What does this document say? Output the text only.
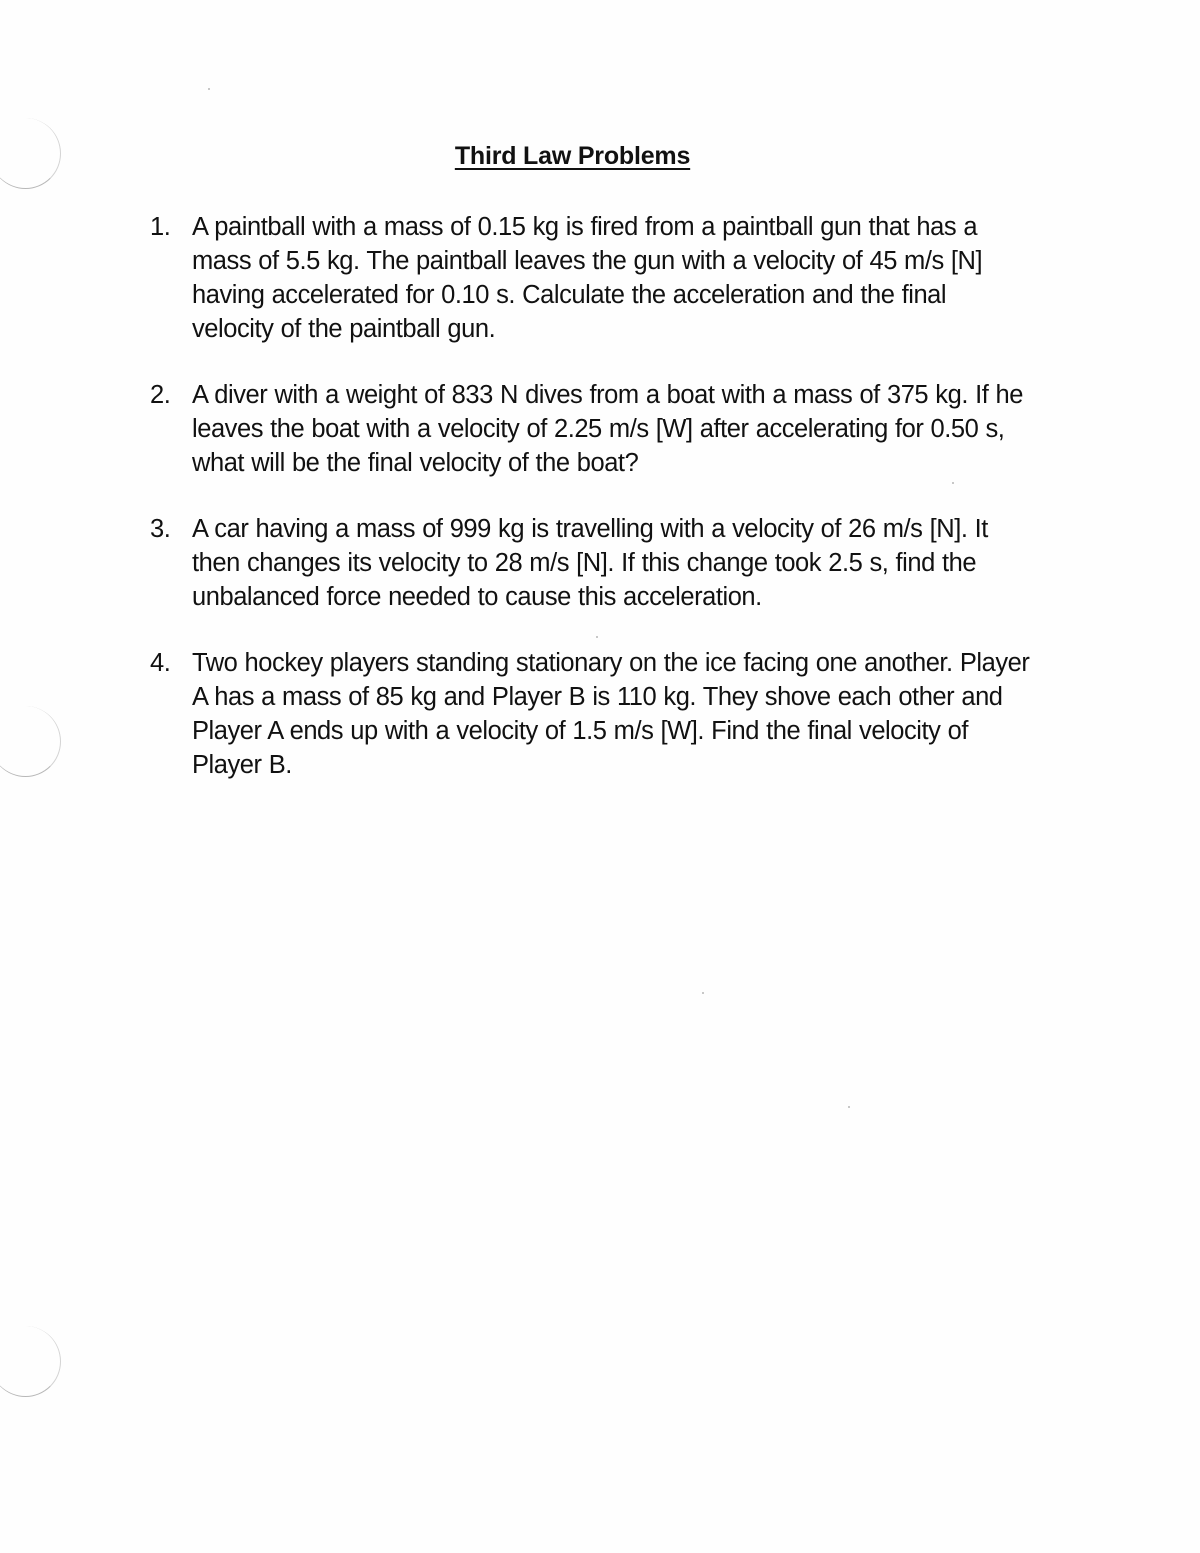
Third Law Problems
1. A paintball with a mass of 0.15 kg is fired from a paintball gun that has a
mass of 5.5 kg. The paintball leaves the gun with a velocity of 45 m/s [N]
having accelerated for 0.10 s. Calculate the acceleration and the final
velocity of the paintball gun.
2. A diver with a weight of 833 N dives from a boat with a mass of 375 kg. If he
leaves the boat with a velocity of 2.25 m/s [W] after accelerating for 0.50 s,
what will be the final velocity of the boat?
3. A car having a mass of 999 kg is travelling with a velocity of 26 m/s [N]. It
then changes its velocity to 28 m/s [N]. If this change took 2.5 s, find the
unbalanced force needed to cause this acceleration.
4. Two hockey players standing stationary on the ice facing one another. Player
A has a mass of 85 kg and Player B is 110 kg. They shove each other and
Player A ends up with a velocity of 1.5 m/s [W]. Find the final velocity of
Player B.
